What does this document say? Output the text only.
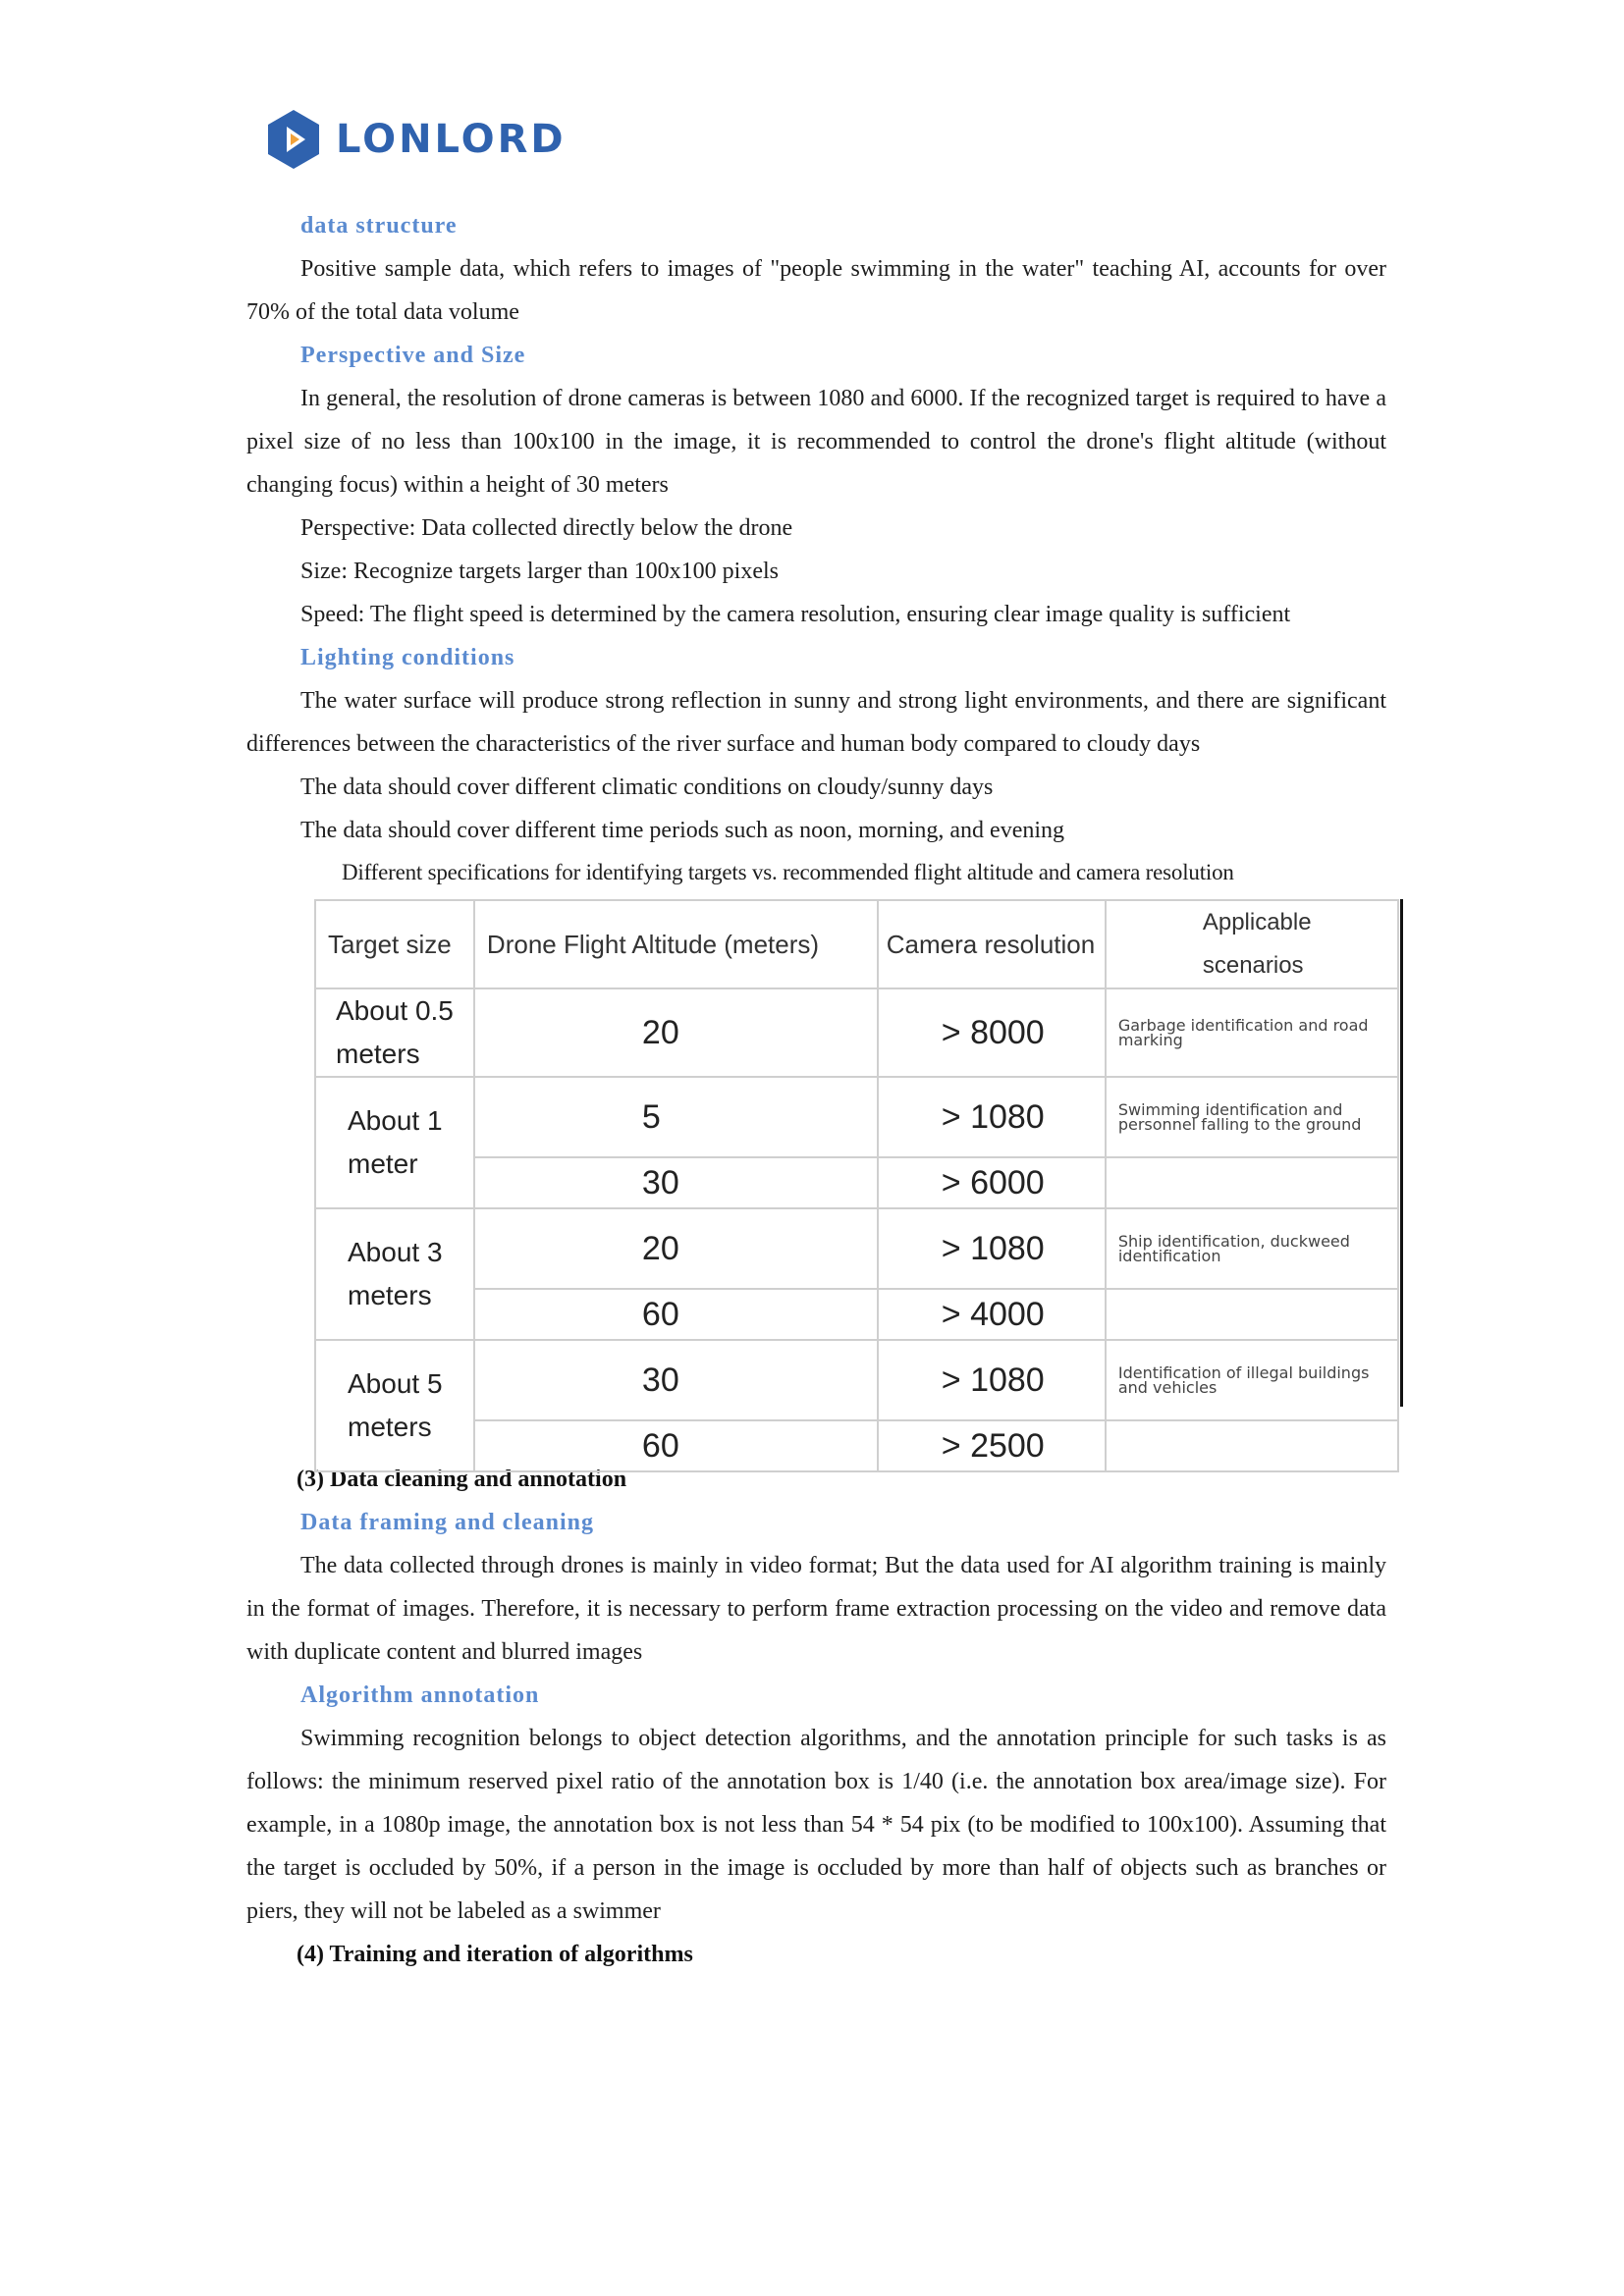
LONLORD
data structure

Positive sample data, which refers to images of "people swimming in the water" teaching AI, accounts for over 70% of the total data volume

Perspective and Size

In general, the resolution of drone cameras is between 1080 and 6000. If the recognized target is required to have a pixel size of no less than 100x100 in the image, it is recommended to control the drone's flight altitude (without changing focus) within a height of 30 meters

Perspective: Data collected directly below the drone
Size: Recognize targets larger than 100x100 pixels

Speed: The flight speed is determined by the camera resolution, ensuring clear image quality is sufficient

Lighting conditions

The water surface will produce strong reflection in sunny and strong light environments, and there are significant differences between the characteristics of the river surface and human body compared to cloudy days

The data should cover different climatic conditions on cloudy/sunny days
The data should cover different time periods such as noon, morning, and evening
Different specifications for identifying targets vs. recommended flight altitude and camera resolution
Target size	Drone Flight Altitude (meters)	Camera resolution	Applicable scenarios
About 0.5 meters	20	> 8000	Garbage identification and road marking
About 1 meter	5	> 1080	Swimming identification and personnel falling to the ground
	30	> 6000	
About 3 meters	20	> 1080	Ship identification, duckweed identification
	60	> 4000	
About 5 meters	30	> 1080	Identification of illegal buildings and vehicles
	60	> 2500	
(3) Data cleaning and annotation
Data framing and cleaning

The data collected through drones is mainly in video format; But the data used for AI algorithm training is mainly in the format of images. Therefore, it is necessary to perform frame extraction processing on the video and remove data with duplicate content and blurred images

Algorithm annotation

Swimming recognition belongs to object detection algorithms, and the annotation principle for such tasks is as follows: the minimum reserved pixel ratio of the annotation box is 1/40 (i.e. the annotation box area/image size). For example, in a 1080p image, the annotation box is not less than 54 * 54 pix (to be modified to 100x100). Assuming that the target is occluded by 50%, if a person in the image is occluded by more than half of objects such as branches or piers, they will not be labeled as a swimmer

(4) Training and iteration of algorithms
